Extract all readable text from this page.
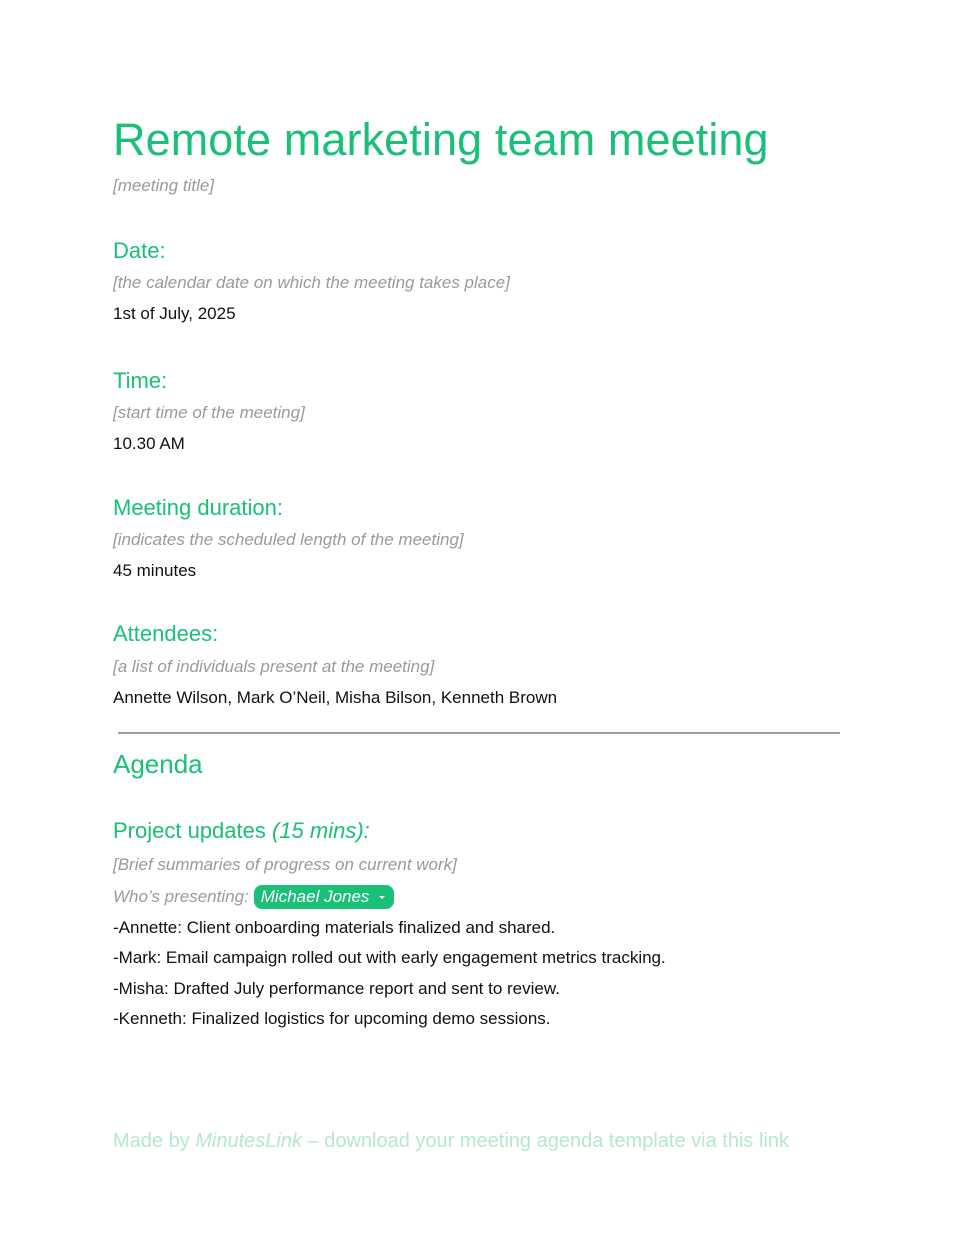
Remote marketing team meeting
[meeting title]
Date:
[the calendar date on which the meeting takes place]
1st of July, 2025
Time:
[start time of the meeting]
10.30 AM
Meeting duration:
[indicates the scheduled length of the meeting]
45 minutes
Attendees:
[a list of individuals present at the meeting]
Annette Wilson, Mark O’Neil, Misha Bilson, Kenneth Brown
Agenda
Project updates (15 mins):
[Brief summaries of progress on current work]
Who’s presenting: Michael Jones
-Annette: Client onboarding materials finalized and shared.
-Mark: Email campaign rolled out with early engagement metrics tracking.
-Misha: Drafted July performance report and sent to review.
-Kenneth: Finalized logistics for upcoming demo sessions.
Made by MinutesLink – download your meeting agenda template via this link
